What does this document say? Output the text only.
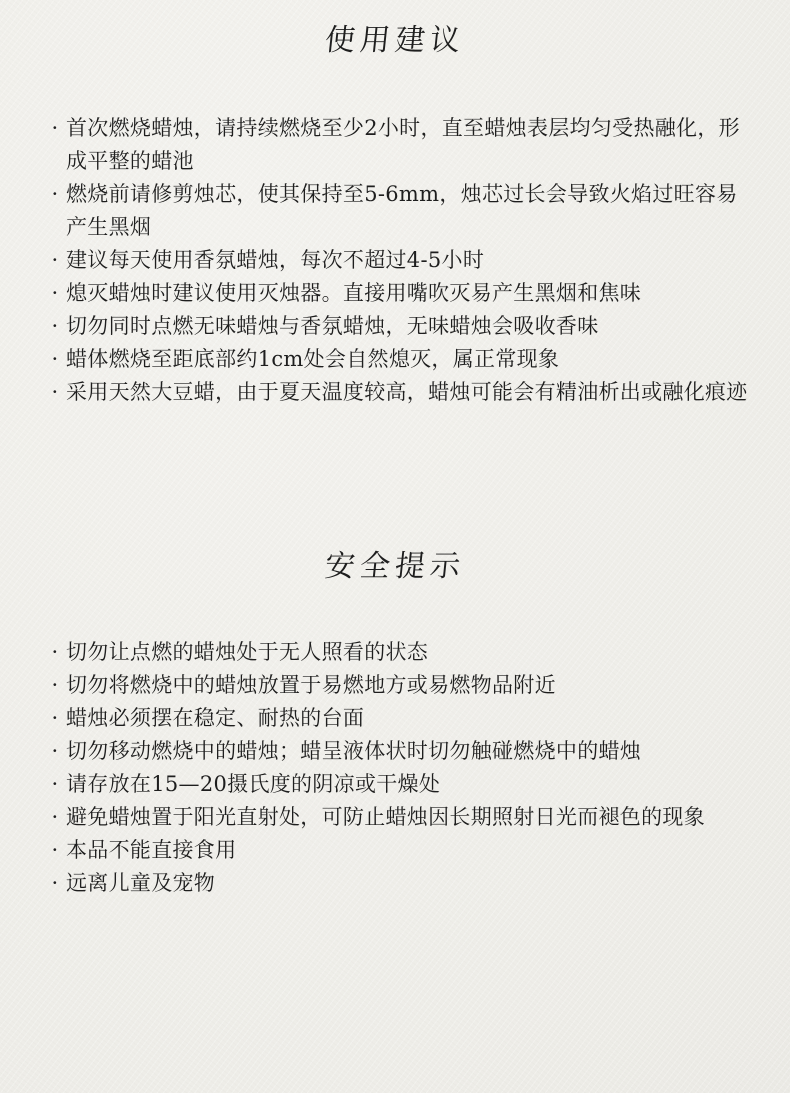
使用建议
· 首次燃烧蜡烛，请持续燃烧至少2小时，直至蜡烛表层均匀受热融化，形成平整的蜡池
· 燃烧前请修剪烛芯，使其保持至5-6mm，烛芯过长会导致火焰过旺容易产生黑烟
· 建议每天使用香氛蜡烛，每次不超过4-5小时
· 熄灭蜡烛时建议使用灭烛器。直接用嘴吹灭易产生黑烟和焦味
· 切勿同时点燃无味蜡烛与香氛蜡烛，无味蜡烛会吸收香味
· 蜡体燃烧至距底部约1cm处会自然熄灭，属正常现象
· 采用天然大豆蜡，由于夏天温度较高，蜡烛可能会有精油析出或融化痕迹
安全提示
· 切勿让点燃的蜡烛处于无人照看的状态
· 切勿将燃烧中的蜡烛放置于易燃地方或易燃物品附近
· 蜡烛必须摆在稳定、耐热的台面
· 切勿移动燃烧中的蜡烛；蜡呈液体状时切勿触碰燃烧中的蜡烛
· 请存放在15—20摄氏度的阴凉或干燥处
· 避免蜡烛置于阳光直射处，可防止蜡烛因长期照射日光而褪色的现象
· 本品不能直接食用
· 远离儿童及宠物
